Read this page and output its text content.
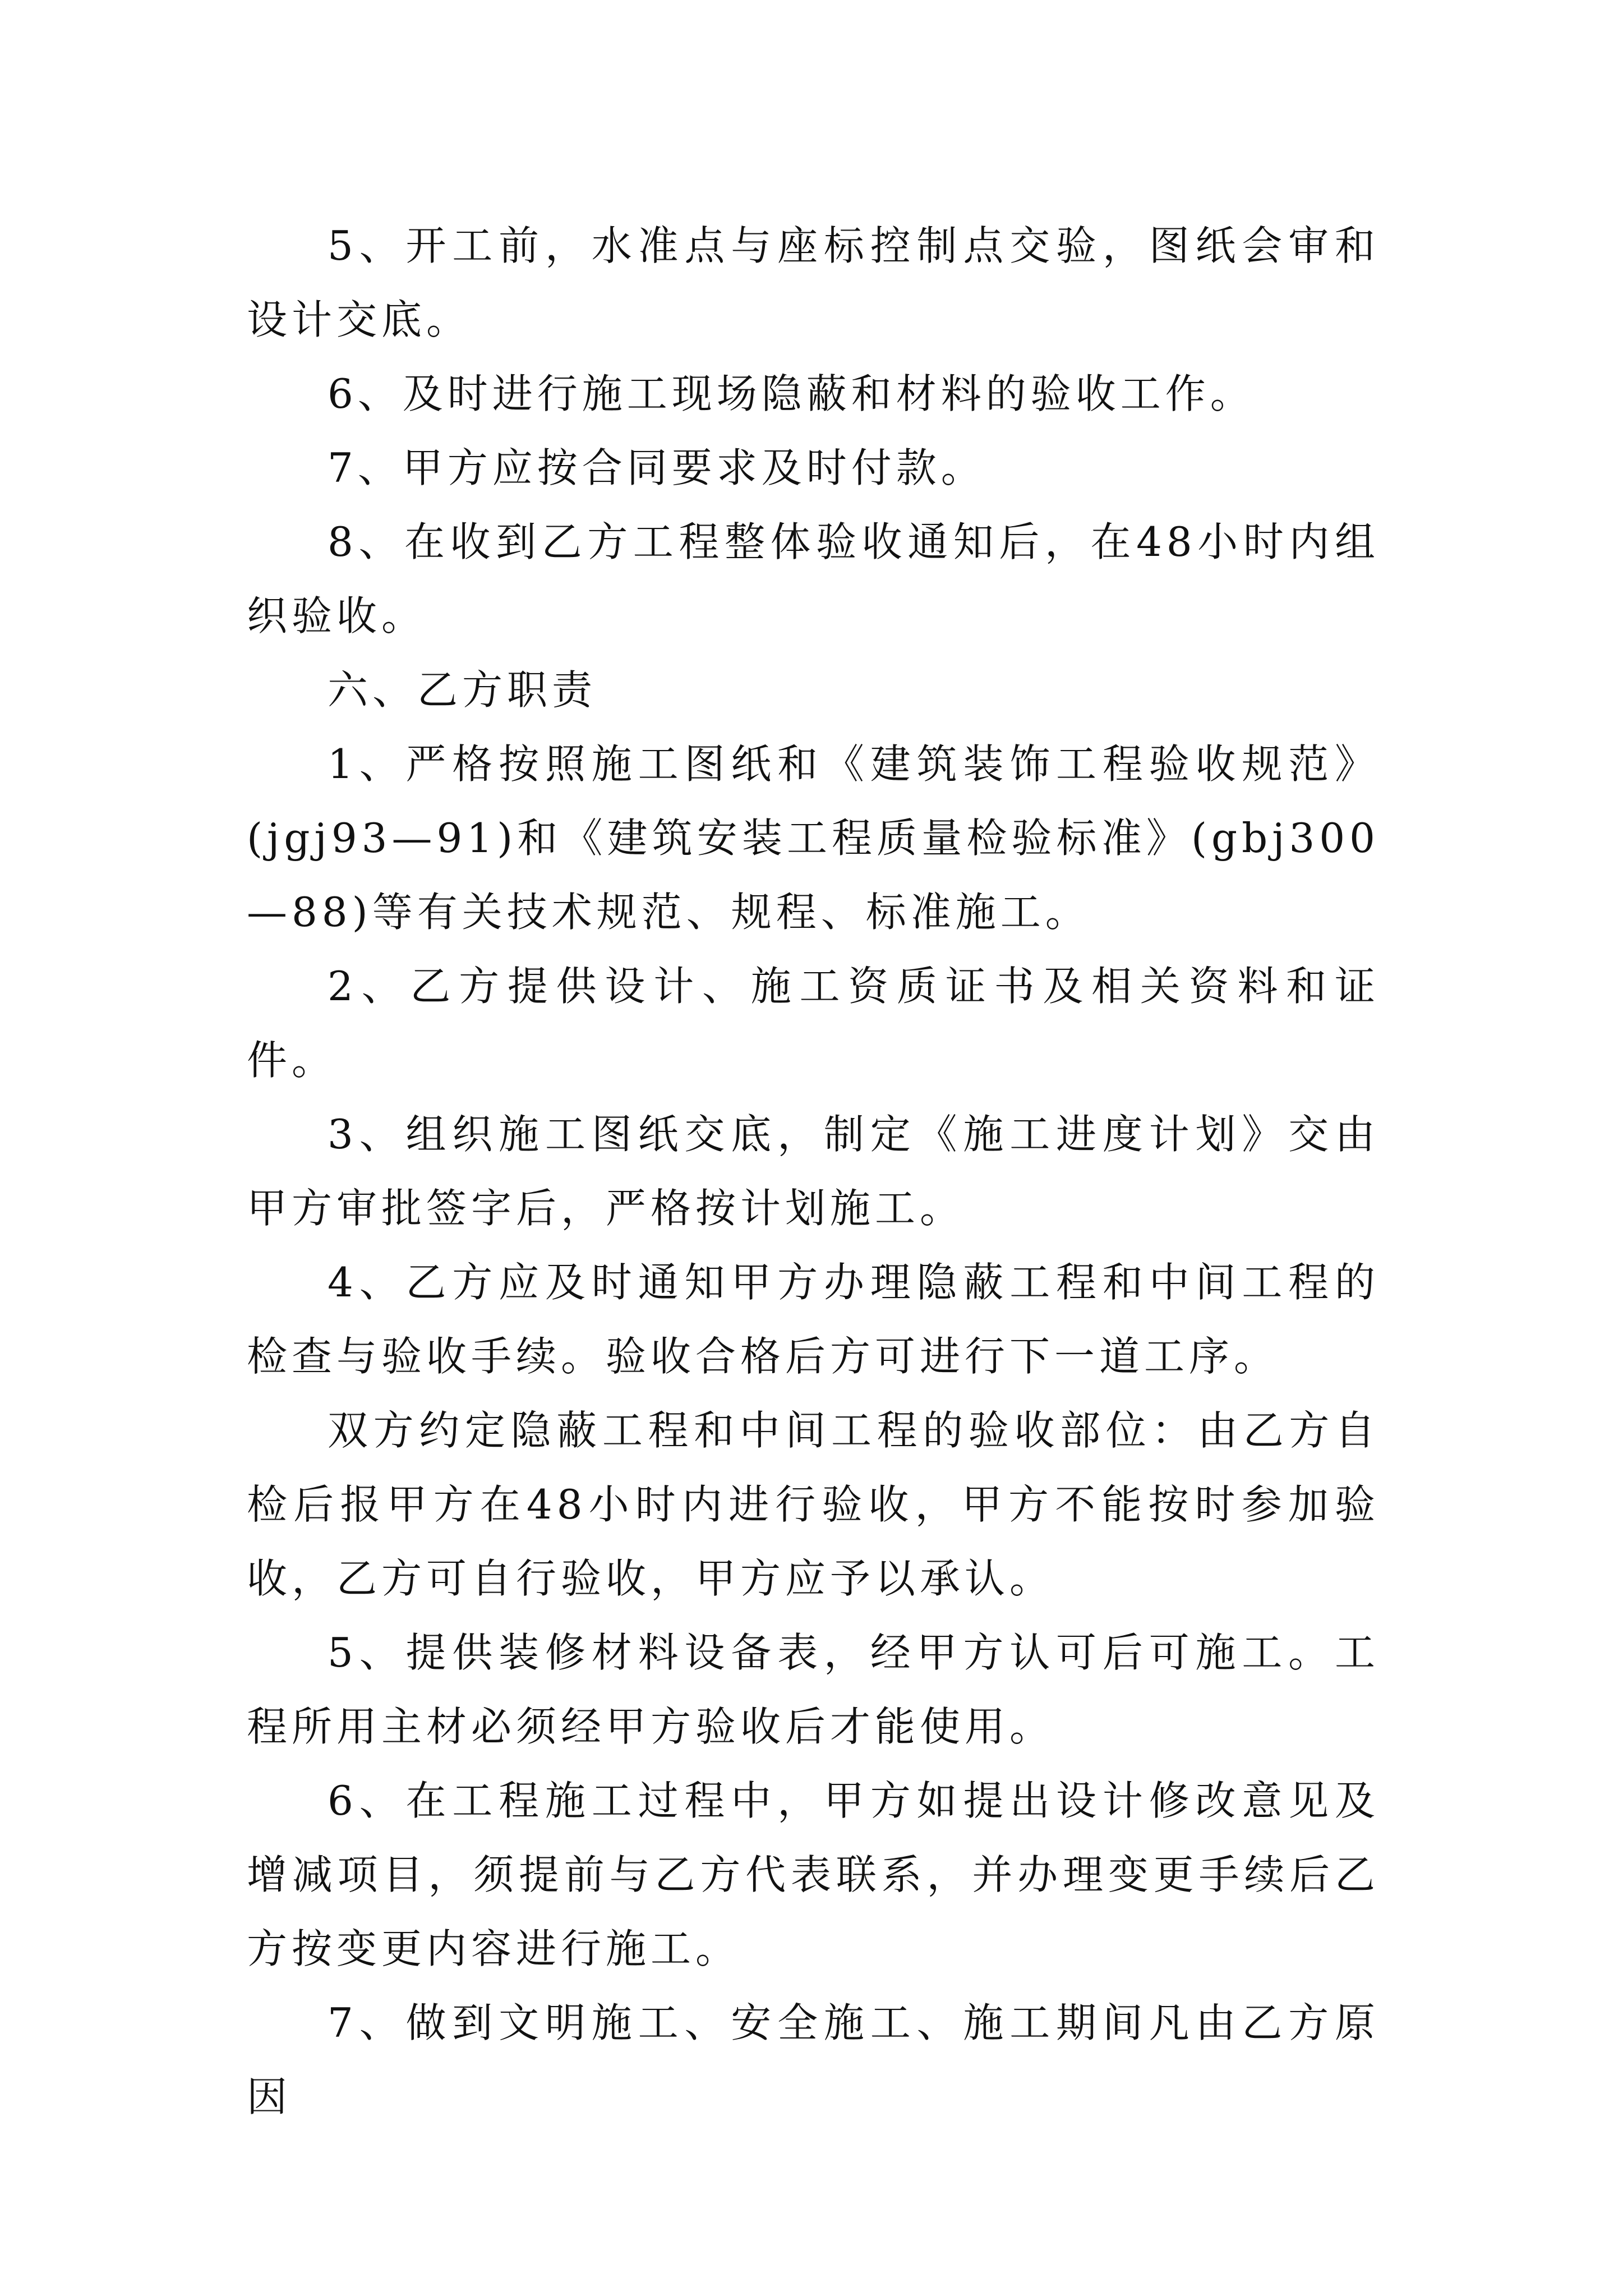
5、开工前，水准点与座标控制点交验，图纸会审和设计交底。

6、及时进行施工现场隐蔽和材料的验收工作。

7、甲方应按合同要求及时付款。

8、在收到乙方工程整体验收通知后，在48小时内组织验收。

六、乙方职责

1、严格按照施工图纸和《建筑装饰工程验收规范》(jgj93—91)和《建筑安装工程质量检验标准》(gbj300—88)等有关技术规范、规程、标准施工。

2、乙方提供设计、施工资质证书及相关资料和证件。

3、组织施工图纸交底，制定《施工进度计划》交由甲方审批签字后，严格按计划施工。

4、乙方应及时通知甲方办理隐蔽工程和中间工程的检查与验收手续。验收合格后方可进行下一道工序。

双方约定隐蔽工程和中间工程的验收部位：由乙方自检后报甲方在48小时内进行验收，甲方不能按时参加验收，乙方可自行验收，甲方应予以承认。

5、提供装修材料设备表，经甲方认可后可施工。工程所用主材必须经甲方验收后才能使用。

6、在工程施工过程中，甲方如提出设计修改意见及增减项目，须提前与乙方代表联系，并办理变更手续后乙方按变更内容进行施工。

7、做到文明施工、安全施工、施工期间凡由乙方原因
